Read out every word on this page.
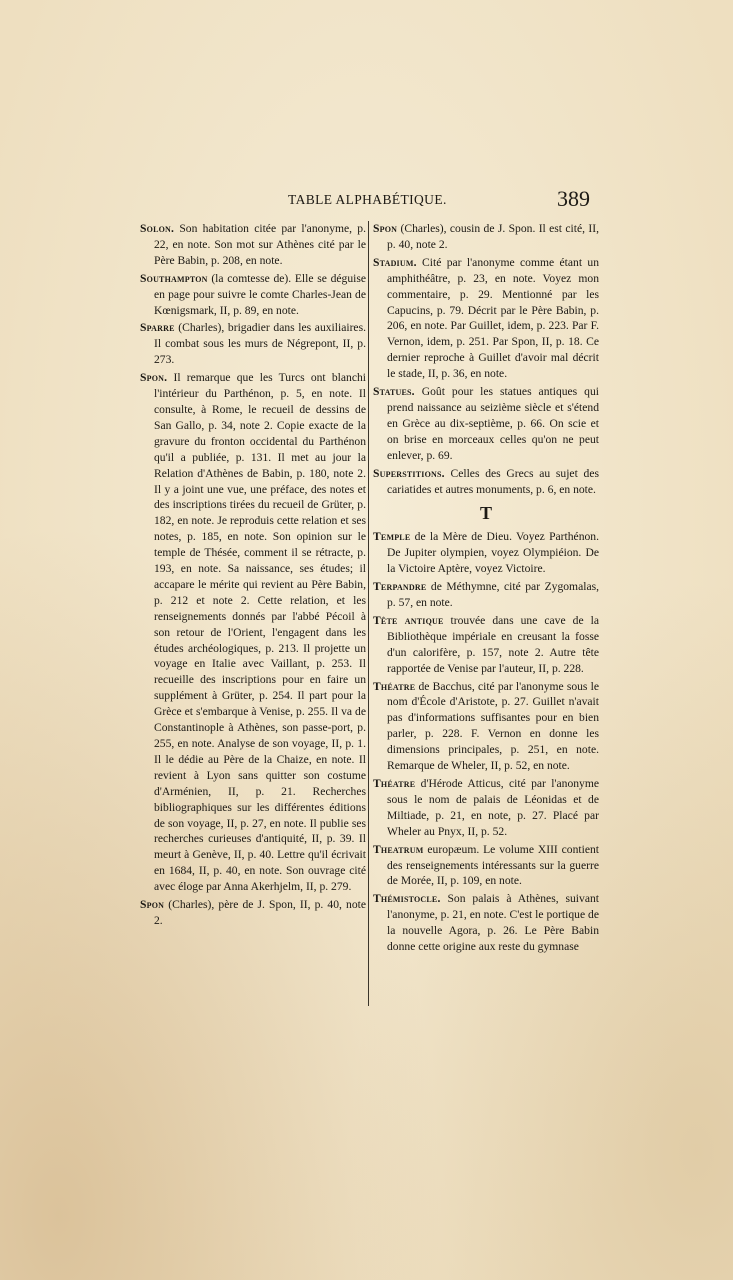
TABLE ALPHABÉTIQUE.	389

Solon. Son habitation citée par l'anonyme, p. 22, en note. Son mot sur Athènes cité par le Père Babin, p. 208, en note.

Southampton (la comtesse de). Elle se déguise en page pour suivre le comte Charles-Jean de Kœnigsmark, II, p. 89, en note.

Sparre (Charles), brigadier dans les auxiliaires. Il combat sous les murs de Négrepont, II, p. 273.

Spon. Il remarque que les Turcs ont blanchi l'intérieur du Parthénon, p. 5, en note. Il consulte, à Rome, le recueil de dessins de San Gallo, p. 34, note 2. Copie exacte de la gravure du fronton occidental du Parthénon qu'il a publiée, p. 131. Il met au jour la Relation d'Athènes de Babin, p. 180, note 2. Il y a joint une vue, une préface, des notes et des inscriptions tirées du recueil de Grüter, p. 182, en note. Je reproduis cette relation et ses notes, p. 185, en note. Son opinion sur le temple de Thésée, comment il se rétracte, p. 193, en note. Sa naissance, ses études; il accapare le mérite qui revient au Père Babin, p. 212 et note 2. Cette relation, et les renseignements donnés par l'abbé Pécoil à son retour de l'Orient, l'engagent dans les études archéologiques, p. 213. Il projette un voyage en Italie avec Vaillant, p. 253. Il recueille des inscriptions pour en faire un supplément à Grüter, p. 254. Il part pour la Grèce et s'embarque à Venise, p. 255. Il va de Constantinople à Athènes, son passe-port, p. 255, en note. Analyse de son voyage, II, p. 1. Il le dédie au Père de la Chaize, en note. Il revient à Lyon sans quitter son costume d'Arménien, II, p. 21. Recherches bibliographiques sur les différentes éditions de son voyage, II, p. 27, en note. Il publie ses recherches curieuses d'antiquité, II, p. 39. Il meurt à Genève, II, p. 40. Lettre qu'il écrivait en 1684, II, p. 40, en note. Son ouvrage cité avec éloge par Anna Akerhjelm, II, p. 279.

Spon (Charles), père de J. Spon, II, p. 40, note 2.

Spon (Charles), cousin de J. Spon. Il est cité, II, p. 40, note 2.

Stadium. Cité par l'anonyme comme étant un amphithéâtre, p. 23, en note. Voyez mon commentaire, p. 29. Mentionné par les Capucins, p. 79. Décrit par le Père Babin, p. 206, en note. Par Guillet, idem, p. 223. Par F. Vernon, idem, p. 251. Par Spon, II, p. 18. Ce dernier reproche à Guillet d'avoir mal décrit le stade, II, p. 36, en note.

Statues. Goût pour les statues antiques qui prend naissance au seizième siècle et s'étend en Grèce au dix-septième, p. 66. On scie et on brise en morceaux celles qu'on ne peut enlever, p. 69.

Superstitions. Celles des Grecs au sujet des cariatides et autres monuments, p. 6, en note.

T

Temple de la Mère de Dieu. Voyez Parthénon. De Jupiter olympien, voyez Olympiéion. De la Victoire Aptère, voyez Victoire.

Terpandre de Méthymne, cité par Zygomalas, p. 57, en note.

Tête antique trouvée dans une cave de la Bibliothèque impériale en creusant la fosse d'un calorifère, p. 157, note 2. Autre tête rapportée de Venise par l'auteur, II, p. 228.

Théatre de Bacchus, cité par l'anonyme sous le nom d'École d'Aristote, p. 27. Guillet n'avait pas d'informations suffisantes pour en bien parler, p. 228. F. Vernon en donne les dimensions principales, p. 251, en note. Remarque de Wheler, II, p. 52, en note.

Théatre d'Hérode Atticus, cité par l'anonyme sous le nom de palais de Léonidas et de Miltiade, p. 21, en note, p. 27. Placé par Wheler au Pnyx, II, p. 52.

Theatrum europæum. Le volume XIII contient des renseignements intéressants sur la guerre de Morée, II, p. 109, en note.

Thémistocle. Son palais à Athènes, suivant l'anonyme, p. 21, en note. C'est le portique de la nouvelle Agora, p. 26. Le Père Babin donne cette origine aux reste du gymnase
